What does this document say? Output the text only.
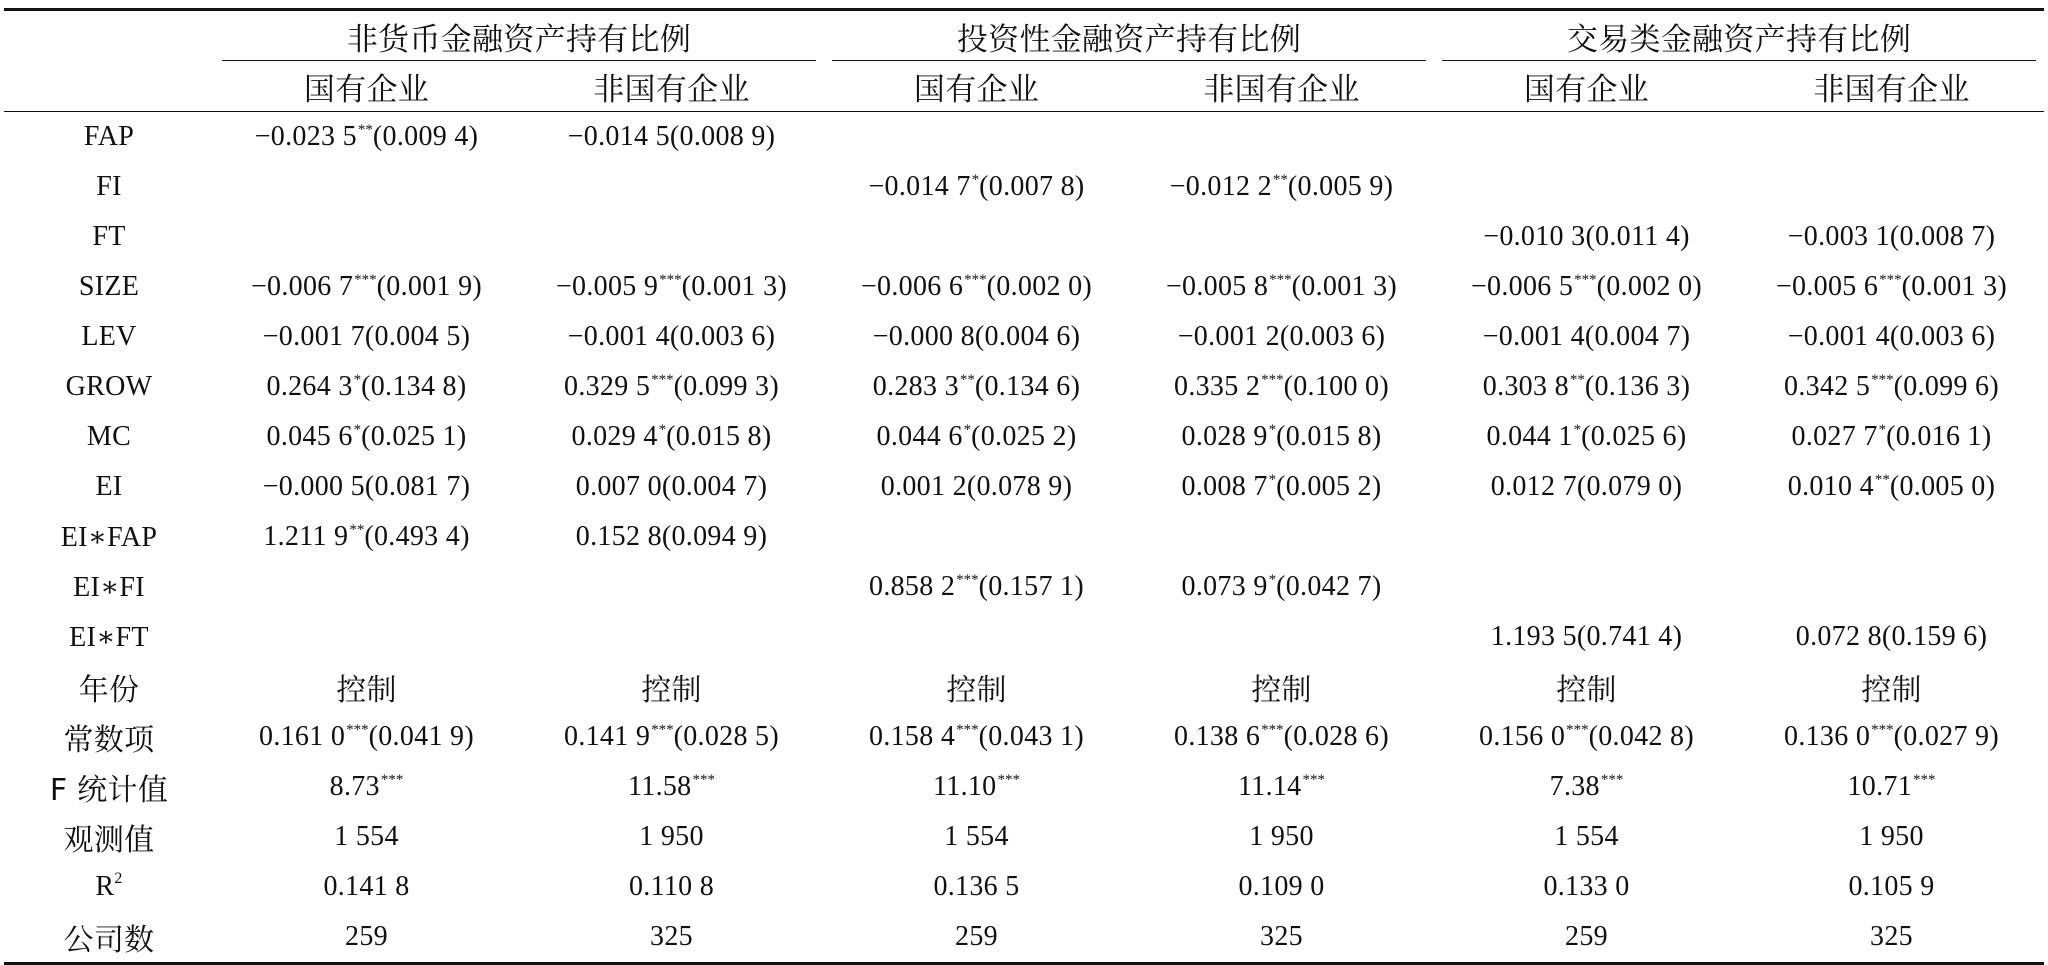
	非货币金融资产持有比例		投资性金融资产持有比例		交易类金融资产持有比例	
	国有企业	非国有企业	国有企业	非国有企业	国有企业	非国有企业
FAP	−0.023 5**(0.009 4)	−0.014 5(0.008 9)				
FI			−0.014 7*(0.007 8)	−0.012 2**(0.005 9)		
FT					−0.010 3(0.011 4)	−0.003 1(0.008 7)
SIZE	−0.006 7***(0.001 9)	−0.005 9***(0.001 3)	−0.006 6***(0.002 0)	−0.005 8***(0.001 3)	−0.006 5***(0.002 0)	−0.005 6***(0.001 3)
LEV	−0.001 7(0.004 5)	−0.001 4(0.003 6)	−0.000 8(0.004 6)	−0.001 2(0.003 6)	−0.001 4(0.004 7)	−0.001 4(0.003 6)
GROW	0.264 3*(0.134 8)	0.329 5***(0.099 3)	0.283 3**(0.134 6)	0.335 2***(0.100 0)	0.303 8**(0.136 3)	0.342 5***(0.099 6)
MC	0.045 6*(0.025 1)	0.029 4*(0.015 8)	0.044 6*(0.025 2)	0.028 9*(0.015 8)	0.044 1*(0.025 6)	0.027 7*(0.016 1)
EI	−0.000 5(0.081 7)	0.007 0(0.004 7)	0.001 2(0.078 9)	0.008 7*(0.005 2)	0.012 7(0.079 0)	0.010 4**(0.005 0)
EI∗FAP	1.211 9**(0.493 4)	0.152 8(0.094 9)				
EI∗FI			0.858 2***(0.157 1)	0.073 9*(0.042 7)		
EI∗FT					1.193 5(0.741 4)	0.072 8(0.159 6)
年份	控制	控制	控制	控制	控制	控制
常数项	0.161 0***(0.041 9)	0.141 9***(0.028 5)	0.158 4***(0.043 1)	0.138 6***(0.028 6)	0.156 0***(0.042 8)	0.136 0***(0.027 9)
F 统计值	8.73***	11.58***	11.10***	11.14***	7.38***	10.71***
观测值	1 554	1 950	1 554	1 950	1 554	1 950
$R^2$	0.141 8	0.110 8	0.136 5	0.109 0	0.133 0	0.105 9
公司数	259	325	259	325	259	325
